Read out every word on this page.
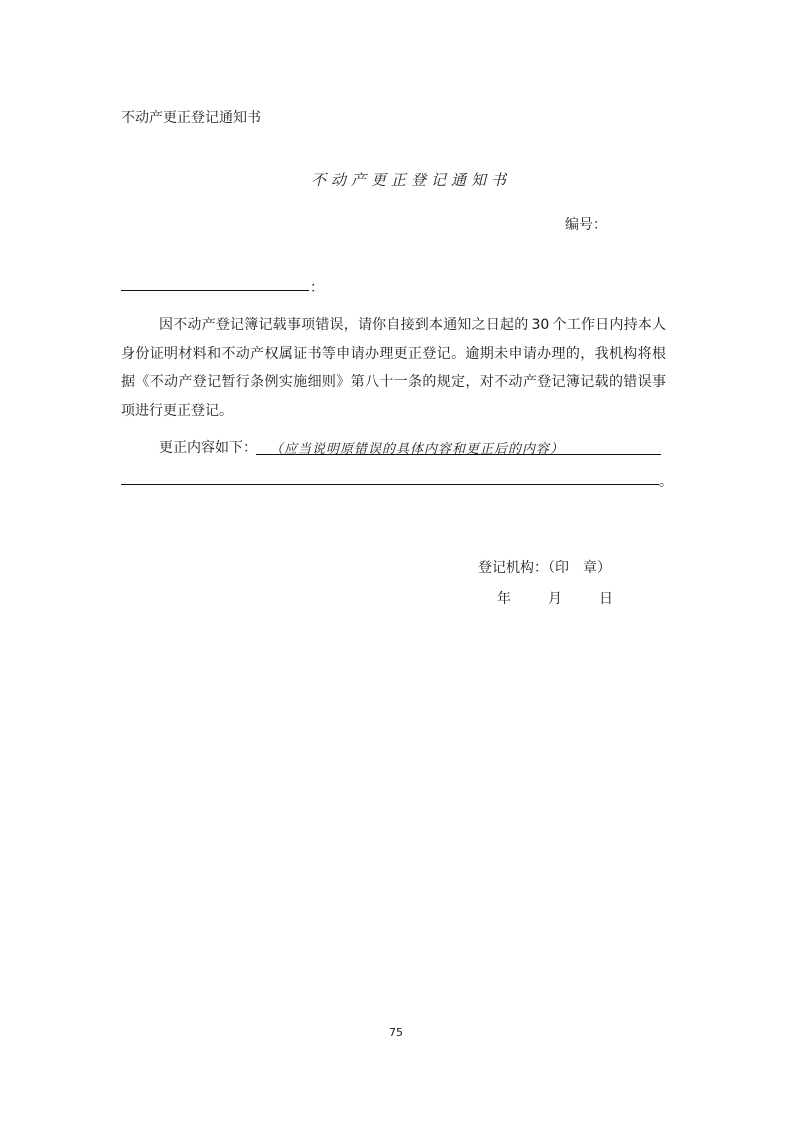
不动产更正登记通知书
不动产更正登记通知书
编号：
：
因不动产登记簿记载事项错误，请你自接到本通知之日起的 30 个工作日内持本人身份证明材料和不动产权属证书等申请办理更正登记。逾期未申请办理的，我机构将根据《不动产登记暂行条例实施细则》第八十一条的规定，对不动产登记簿记载的错误事项进行更正登记。
更正内容如下： （应当说明原错误的具体内容和更正后的内容）
。
登记机构：（印　章）
年	月	日
75
